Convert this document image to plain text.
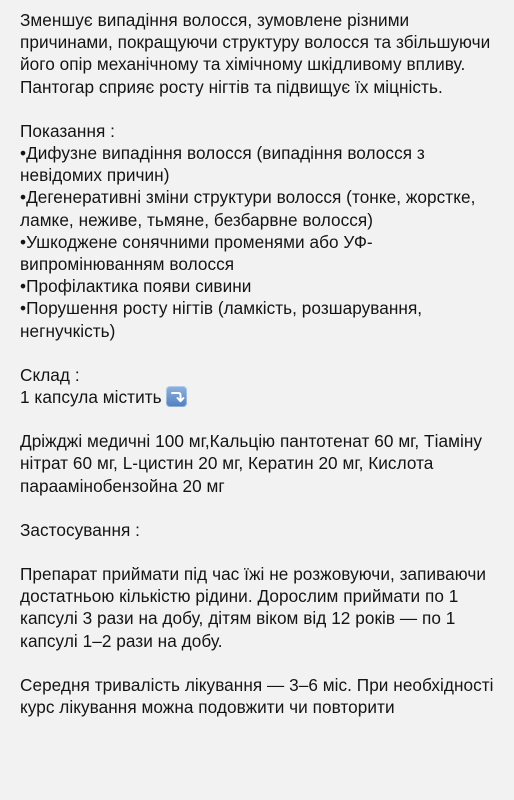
Зменшує випадіння волосся, зумовлене різними причинами, покращуючи структуру волосся та збільшуючи його опір механічному та хімічному шкідливому впливу. Пантогар сприяє росту нігтів та підвищує їх міцність.

Показання :

•Дифузне випадіння волосся (випадіння волосся з невідомих причин)

•Дегенеративні зміни структури волосся (тонке, жорстке, ламке, неживе, тьмяне, безбарвне волосся)

•Ушкоджене сонячними променями або УФ-випромінюванням волосся

•Профілактика появи сивини

•Порушення росту нігтів (ламкість, розшарування, негнучкість)

Склад :

1 капсула містить

Дріжджі медичні 100 мг,Кальцію пантотенат 60 мг, Тіаміну нітрат 60 мг, L-цистин 20 мг, Кератин 20 мг, Кислота параамінобензойна 20 мг

Застосування :

Препарат приймати під час їжі не розжовуючи, запиваючи достатньою кількістю рідини. Дорослим приймати по 1 капсулі 3 рази на добу, дітям віком від 12 років — по 1 капсулі 1–2 рази на добу.

Середня тривалість лікування — 3–6 міс. При необхідності курс лікування можна подовжити чи повторити
